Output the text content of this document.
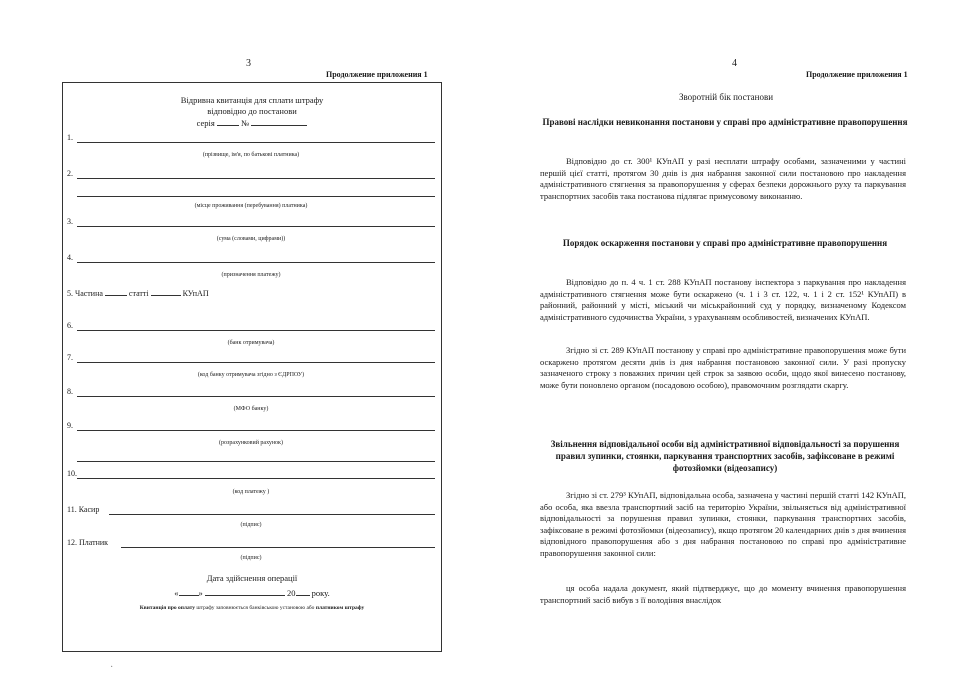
3
Продолжение приложения 1
Відривна квитанція для сплати штрафу
відповідно до постанови
серія	№
1.
(прізвище, ім'я, по батькові платника)
2.
(місце проживання (перебування) платника)
3.
(сума (словами, цифрами))
4.
(призначення платежу)
5. Частина	статті	КУпАП
6.
(банк отримувача)
7.
(код банку отримувача згідно з ЄДРПОУ)
8.
(МФО банку)
9.
(розрахунковий рахунок)
10.
(код платежу )
11. Касир
(підпис)
12. Платник
(підпис)
Дата здійснення операції
« »	20 року.
Квитанція про оплату штрафу заповнюється банківською установою або платником штрафу
·
4
Продолжение приложения 1
Зворотній бік постанови
Правові наслідки невиконання постанови у справі про адміністративне правопорушення
Відповідно до ст. 300¹ КУпАП у разі несплати штрафу особами, зазначеними у частині першій цієї статті, протягом 30 днів із дня набрання законної сили постановою про накладення адміністративного стягнення за правопорушення у сферах безпеки дорожнього руху та паркування транспортних засобів така постанова підлягає примусовому виконанню.
Порядок оскарження постанови у справі про адміністративне правопорушення
Відповідно до п. 4 ч. 1 ст. 288 КУпАП постанову інспектора з паркування про накладення адміністративного стягнення може бути оскаржено (ч. 1 і 3 ст. 122, ч. 1 і 2 ст. 152¹ КУпАП) в районний, районний у місті, міський чи міськрайонний суд у порядку, визначеному Кодексом адміністративного судочинства України, з урахуванням особливостей, визначених КУпАП.
Згідно зі ст. 289 КУпАП постанову у справі про адміністративне правопорушення може бути оскаржено протягом десяти днів із дня набрання постановою законної сили. У разі пропуску зазначеного строку з поважних причин цей строк за заявою особи, щодо якої винесено постанову, може бути поновлено органом (посадовою особою), правомочним розглядати скаргу.
Звільнення відповідальної особи від адміністративної відповідальності за порушення правил зупинки, стоянки, паркування транспортних засобів, зафіксоване в режимі фотозйомки (відеозапису)
Згідно зі ст. 279³ КУпАП, відповідальна особа, зазначена у частині першій статті 142 КУпАП, або особа, яка ввезла транспортний засіб на територію України, звільняється від адміністративної відповідальності за порушення правил зупинки, стоянки, паркування транспортних засобів, зафіксоване в режимі фотозйомки (відеозапису), якщо протягом 20 календарних днів з дня вчинення відповідного правопорушення або з дня набрання постановою по справі про адміністративне правопорушення законної сили:
ця особа надала документ, який підтверджує, що до моменту вчинення правопорушення транспортний засіб вибув з її володіння внаслідок
